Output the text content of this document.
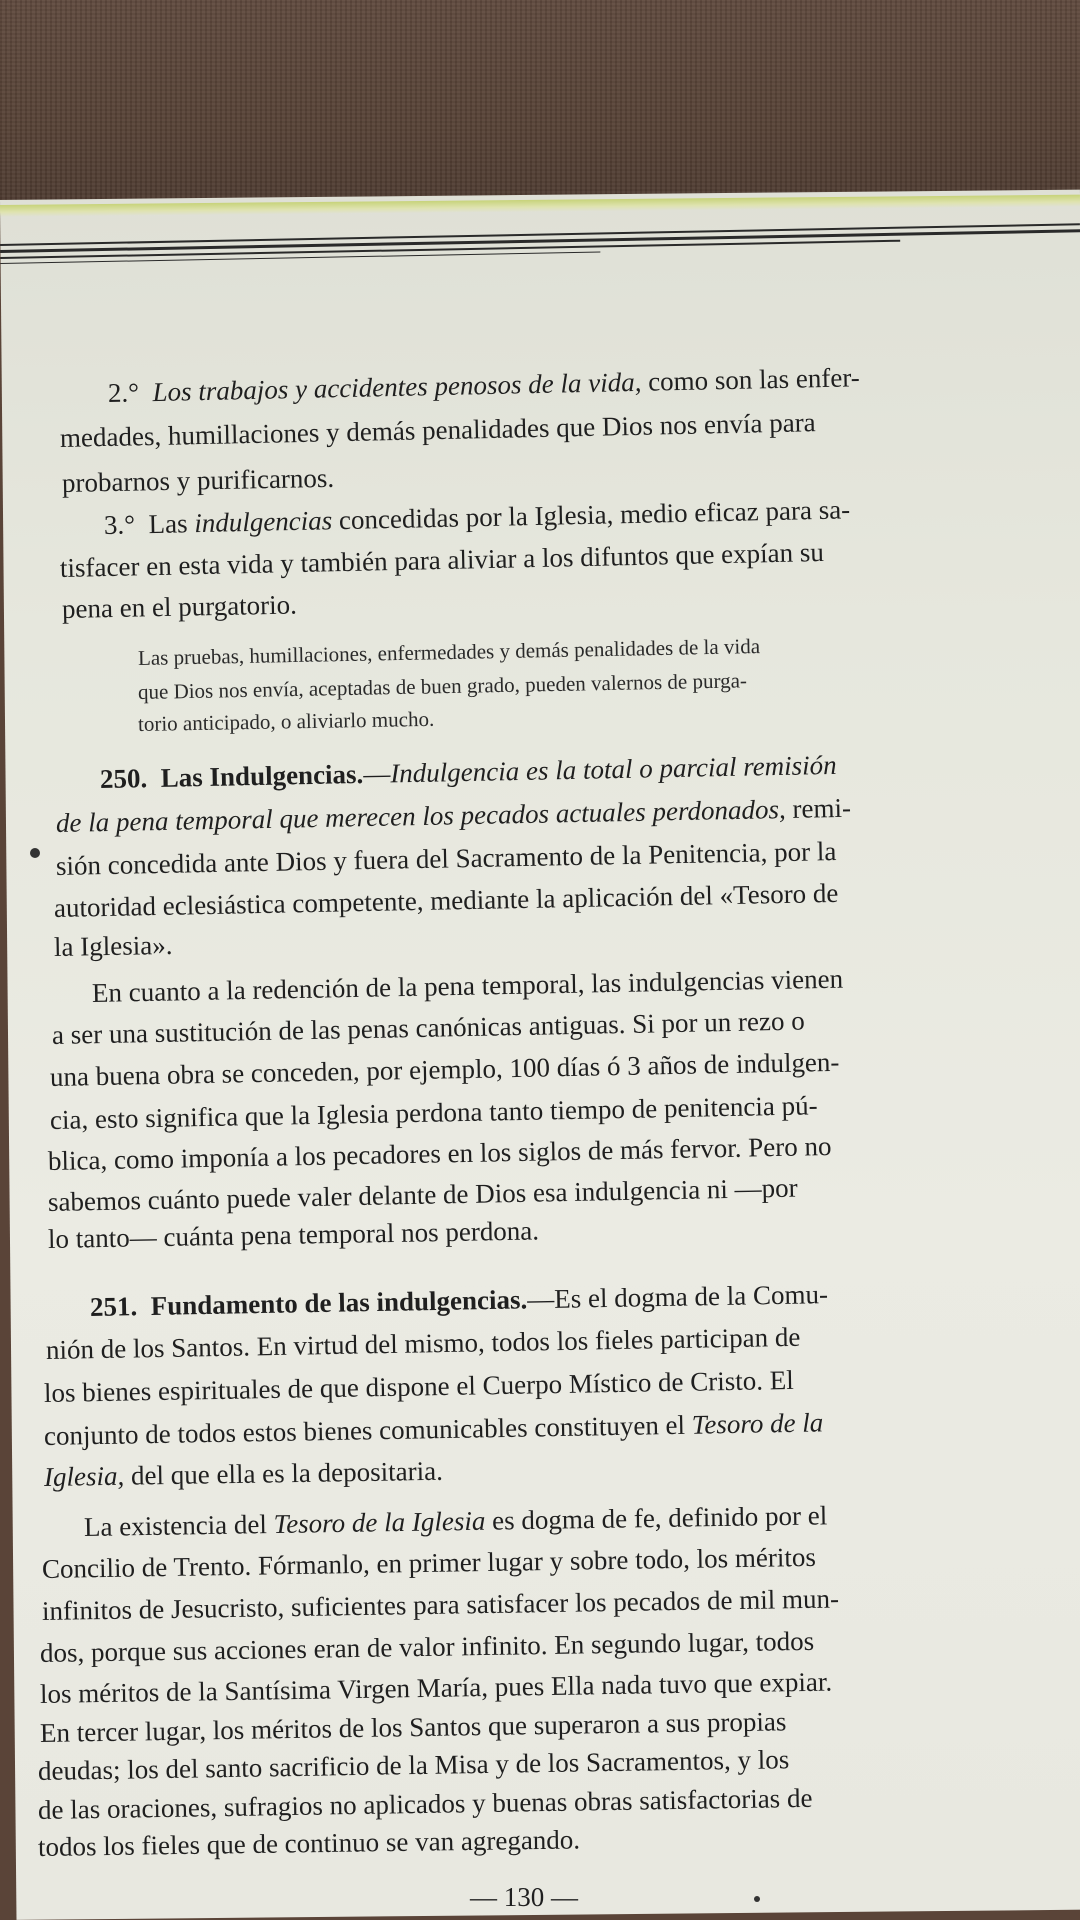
2.° Los trabajos y accidentes penosos de la vida, como son las enfer-
medades, humillaciones y demás penalidades que Dios nos envía para
probarnos y purificarnos.
3.° Las indulgencias concedidas por la Iglesia, medio eficaz para sa-
tisfacer en esta vida y también para aliviar a los difuntos que expían su
pena en el purgatorio.
Las pruebas, humillaciones, enfermedades y demás penalidades de la vida
que Dios nos envía, aceptadas de buen grado, pueden valernos de purga-
torio anticipado, o aliviarlo mucho.
250. Las Indulgencias.—Indulgencia es la total o parcial remisión
de la pena temporal que merecen los pecados actuales perdonados, remi-
sión concedida ante Dios y fuera del Sacramento de la Penitencia, por la
autoridad eclesiástica competente, mediante la aplicación del «Tesoro de
la Iglesia».
En cuanto a la redención de la pena temporal, las indulgencias vienen
a ser una sustitución de las penas canónicas antiguas. Si por un rezo o
una buena obra se conceden, por ejemplo, 100 días ó 3 años de indulgen-
cia, esto significa que la Iglesia perdona tanto tiempo de penitencia pú-
blica, como imponía a los pecadores en los siglos de más fervor. Pero no
sabemos cuánto puede valer delante de Dios esa indulgencia ni —por
lo tanto— cuánta pena temporal nos perdona.
251. Fundamento de las indulgencias.—Es el dogma de la Comu-
nión de los Santos. En virtud del mismo, todos los fieles participan de
los bienes espirituales de que dispone el Cuerpo Místico de Cristo. El
conjunto de todos estos bienes comunicables constituyen el Tesoro de la
Iglesia, del que ella es la depositaria.
La existencia del Tesoro de la Iglesia es dogma de fe, definido por el
Concilio de Trento. Fórmanlo, en primer lugar y sobre todo, los méritos
infinitos de Jesucristo, suficientes para satisfacer los pecados de mil mun-
dos, porque sus acciones eran de valor infinito. En segundo lugar, todos
los méritos de la Santísima Virgen María, pues Ella nada tuvo que expiar.
En tercer lugar, los méritos de los Santos que superaron a sus propias
deudas; los del santo sacrificio de la Misa y de los Sacramentos, y los
de las oraciones, sufragios no aplicados y buenas obras satisfactorias de
todos los fieles que de continuo se van agregando.
— 130 —
